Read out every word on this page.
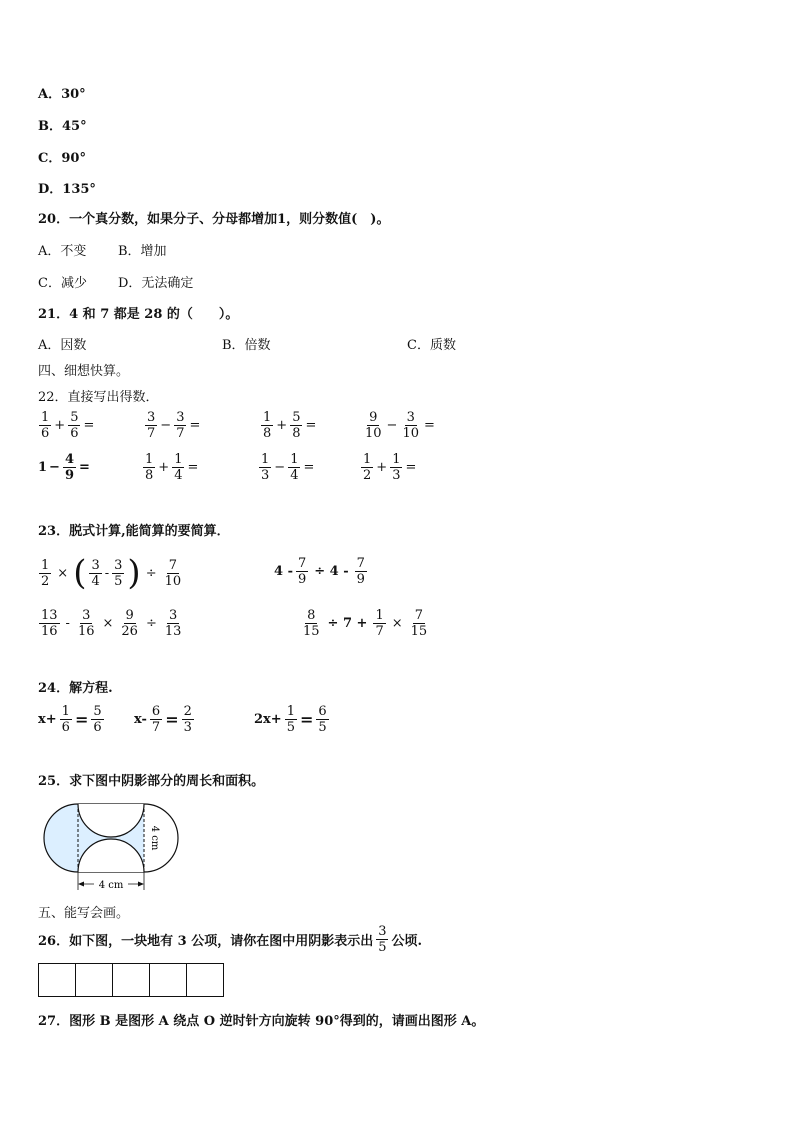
A．30°
B．45°
C．90°
D．135°
20．一个真分数，如果分子、分母都增加1，则分数值(　)。
A．不变 B．增加
C．减少 D．无法确定
21．4 和 7 都是 28 的（　　）。
A．因数	B．倍数	C．质数
四、细想快算。
22．直接写出得数．
$\frac{1}{6} + \frac{5}{6}$ =	$\frac{3}{7} - \frac{3}{7}$ =	$\frac{1}{8} + \frac{5}{8}$ =	$\frac{9}{10} - \frac{3}{10}$ =
$1 - \frac{4}{9}$ =	$\frac{1}{8} + \frac{1}{4}$ =	$\frac{1}{3} - \frac{1}{4}$ =	$\frac{1}{2} + \frac{1}{3}$ =
23．脱式计算,能简算的要简算．
$\frac{1}{2}$ × ( $\frac{3}{4} - \frac{3}{5}$ ) ÷ $\frac{7}{10}$	$4 - \frac{7}{9} \div 4 - \frac{7}{9}$
$\frac{13}{16} - \frac{3}{16} \times \frac{9}{26} \div \frac{3}{13}$	$\frac{8}{15} \div 7 + \frac{1}{7} \times \frac{7}{15}$
24．解方程.
$x+ \frac{1}{6} = \frac{5}{6} x- \frac{6}{7} = \frac{2}{3}$	$2x+ \frac{1}{5} = \frac{6}{5}$
25．求下图中阴影部分的周长和面积。
4 cm
4 cm
五、能写会画。
26．如下图，一块地有 3 公项，请你在图中用阴影表示出 $\frac{3}{5}$ 公顷.
27．图形 B 是图形 A 绕点 O 逆时针方向旋转 90°得到的，请画出图形 A。
